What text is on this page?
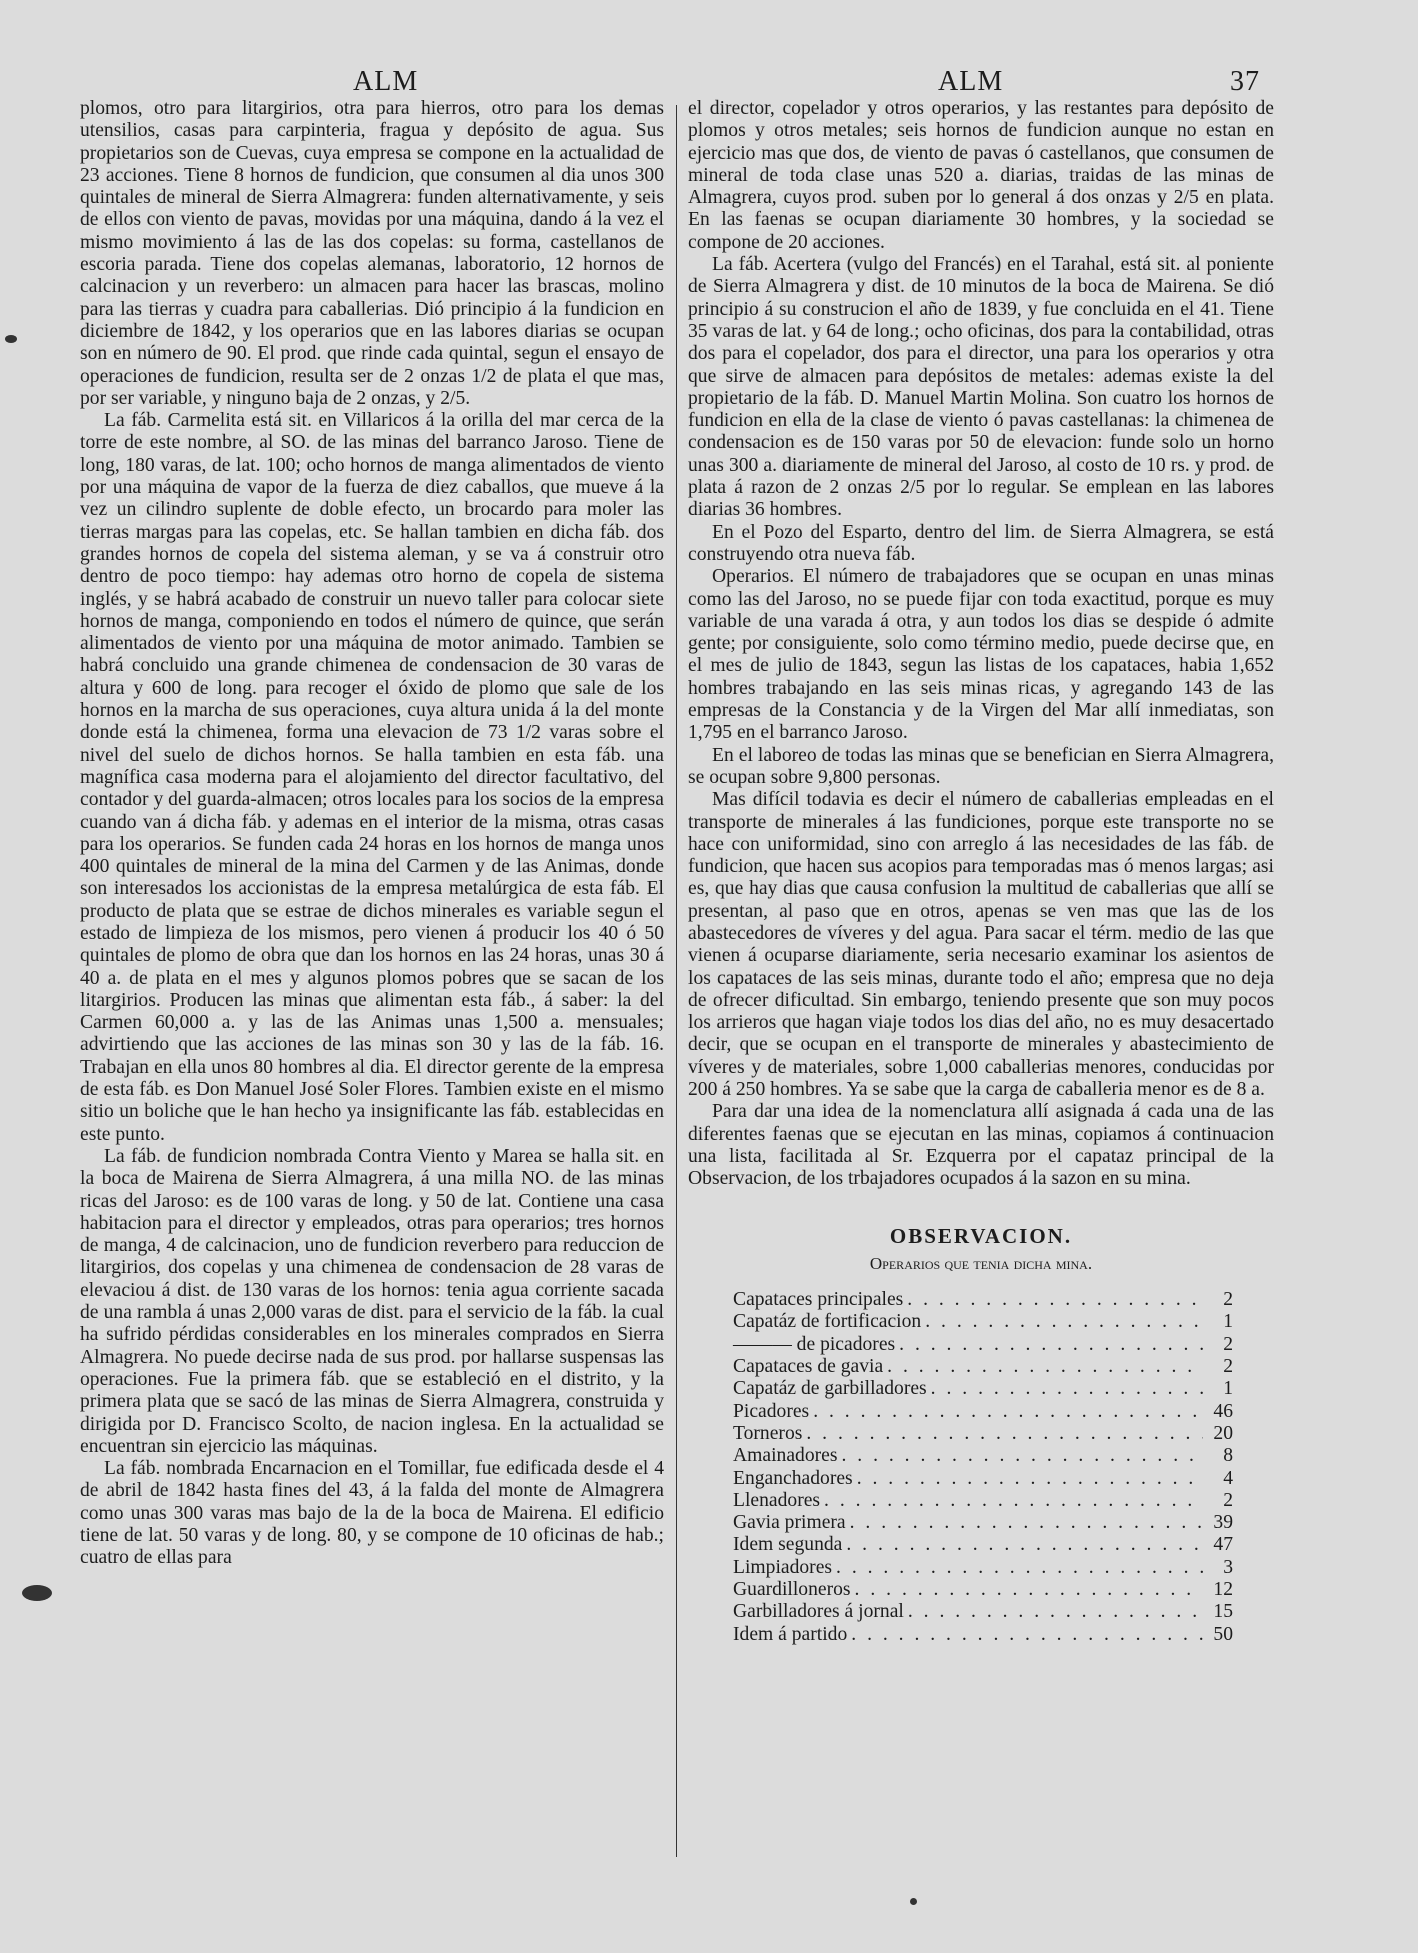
ALM	ALM	37

plomos, otro para litargirios, otra para hierros, otro para los demas utensilios, casas para carpinteria, fragua y depósito de agua. Sus propietarios son de Cuevas, cuya empresa se compone en la actualidad de 23 acciones. Tiene 8 hornos de fundicion, que consumen al dia unos 300 quintales de mineral de Sierra Almagrera: funden alternativamente, y seis de ellos con viento de pavas, movidas por una máquina, dando á la vez el mismo movimiento á las de las dos copelas: su forma, castellanos de escoria parada. Tiene dos copelas alemanas, laboratorio, 12 hornos de calcinacion y un reverbero: un almacen para hacer las brascas, molino para las tierras y cuadra para caballerias. Dió principio á la fundicion en diciembre de 1842, y los operarios que en las labores diarias se ocupan son en número de 90. El prod. que rinde cada quintal, segun el ensayo de operaciones de fundicion, resulta ser de 2 onzas 1/2 de plata el que mas, por ser variable, y ninguno baja de 2 onzas, y 2/5.

La fáb. Carmelita está sit. en Villaricos á la orilla del mar cerca de la torre de este nombre, al SO. de las minas del barranco Jaroso. Tiene de long, 180 varas, de lat. 100; ocho hornos de manga alimentados de viento por una máquina de vapor de la fuerza de diez caballos, que mueve á la vez un cilindro suplente de doble efecto, un brocardo para moler las tierras margas para las copelas, etc. Se hallan tambien en dicha fáb. dos grandes hornos de copela del sistema aleman, y se va á construir otro dentro de poco tiempo: hay ademas otro horno de copela de sistema inglés, y se habrá acabado de construir un nuevo taller para colocar siete hornos de manga, componiendo en todos el número de quince, que serán alimentados de viento por una máquina de motor animado. Tambien se habrá concluido una grande chimenea de condensacion de 30 varas de altura y 600 de long. para recoger el óxido de plomo que sale de los hornos en la marcha de sus operaciones, cuya altura unida á la del monte donde está la chimenea, forma una elevacion de 73 1/2 varas sobre el nivel del suelo de dichos hornos. Se halla tambien en esta fáb. una magnífica casa moderna para el alojamiento del director facultativo, del contador y del guarda-almacen; otros locales para los socios de la empresa cuando van á dicha fáb. y ademas en el interior de la misma, otras casas para los operarios. Se funden cada 24 horas en los hornos de manga unos 400 quintales de mineral de la mina del Carmen y de las Animas, donde son interesados los accionistas de la empresa metalúrgica de esta fáb. El producto de plata que se estrae de dichos minerales es variable segun el estado de limpieza de los mismos, pero vienen á producir los 40 ó 50 quintales de plomo de obra que dan los hornos en las 24 horas, unas 30 á 40 a. de plata en el mes y algunos plomos pobres que se sacan de los litargirios. Producen las minas que alimentan esta fáb., á saber: la del Carmen 60,000 a. y las de las Animas unas 1,500 a. mensuales; advirtiendo que las acciones de las minas son 30 y las de la fáb. 16. Trabajan en ella unos 80 hombres al dia. El director gerente de la empresa de esta fáb. es Don Manuel José Soler Flores. Tambien existe en el mismo sitio un boliche que le han hecho ya insignificante las fáb. establecidas en este punto.

La fáb. de fundicion nombrada Contra Viento y Marea se halla sit. en la boca de Mairena de Sierra Almagrera, á una milla NO. de las minas ricas del Jaroso: es de 100 varas de long. y 50 de lat. Contiene una casa habitacion para el director y empleados, otras para operarios; tres hornos de manga, 4 de calcinacion, uno de fundicion reverbero para reduccion de litargirios, dos copelas y una chimenea de condensacion de 28 varas de elevaciou á dist. de 130 varas de los hornos: tenia agua corriente sacada de una rambla á unas 2,000 varas de dist. para el servicio de la fáb. la cual ha sufrido pérdidas considerables en los minerales comprados en Sierra Almagrera. No puede decirse nada de sus prod. por hallarse suspensas las operaciones. Fue la primera fáb. que se estableció en el distrito, y la primera plata que se sacó de las minas de Sierra Almagrera, construida y dirigida por D. Francisco Scolto, de nacion inglesa. En la actualidad se encuentran sin ejercicio las máquinas.

La fáb. nombrada Encarnacion en el Tomillar, fue edificada desde el 4 de abril de 1842 hasta fines del 43, á la falda del monte de Almagrera como unas 300 varas mas bajo de la de la boca de Mairena. El edificio tiene de lat. 50 varas y de long. 80, y se compone de 10 oficinas de hab.; cuatro de ellas para

el director, copelador y otros operarios, y las restantes para depósito de plomos y otros metales; seis hornos de fundicion aunque no estan en ejercicio mas que dos, de viento de pavas ó castellanos, que consumen de mineral de toda clase unas 520 a. diarias, traidas de las minas de Almagrera, cuyos prod. suben por lo general á dos onzas y 2/5 en plata. En las faenas se ocupan diariamente 30 hombres, y la sociedad se compone de 20 acciones.

La fáb. Acertera (vulgo del Francés) en el Tarahal, está sit. al poniente de Sierra Almagrera y dist. de 10 minutos de la boca de Mairena. Se dió principio á su construcion el año de 1839, y fue concluida en el 41. Tiene 35 varas de lat. y 64 de long.; ocho oficinas, dos para la contabilidad, otras dos para el copelador, dos para el director, una para los operarios y otra que sirve de almacen para depósitos de metales: ademas existe la del propietario de la fáb. D. Manuel Martin Molina. Son cuatro los hornos de fundicion en ella de la clase de viento ó pavas castellanas: la chimenea de condensacion es de 150 varas por 50 de elevacion: funde solo un horno unas 300 a. diariamente de mineral del Jaroso, al costo de 10 rs. y prod. de plata á razon de 2 onzas 2/5 por lo regular. Se emplean en las labores diarias 36 hombres.

En el Pozo del Esparto, dentro del lim. de Sierra Almagrera, se está construyendo otra nueva fáb.

Operarios. El número de trabajadores que se ocupan en unas minas como las del Jaroso, no se puede fijar con toda exactitud, porque es muy variable de una varada á otra, y aun todos los dias se despide ó admite gente; por consiguiente, solo como término medio, puede decirse que, en el mes de julio de 1843, segun las listas de los capataces, habia 1,652 hombres trabajando en las seis minas ricas, y agregando 143 de las empresas de la Constancia y de la Virgen del Mar allí inmediatas, son 1,795 en el barranco Jaroso.

En el laboreo de todas las minas que se benefician en Sierra Almagrera, se ocupan sobre 9,800 personas.

Mas difícil todavia es decir el número de caballerias empleadas en el transporte de minerales á las fundiciones, porque este transporte no se hace con uniformidad, sino con arreglo á las necesidades de las fáb. de fundicion, que hacen sus acopios para temporadas mas ó menos largas; asi es, que hay dias que causa confusion la multitud de caballerias que allí se presentan, al paso que en otros, apenas se ven mas que las de los abastecedores de víveres y del agua. Para sacar el térm. medio de las que vienen á ocuparse diariamente, seria necesario examinar los asientos de los capataces de las seis minas, durante todo el año; empresa que no deja de ofrecer dificultad. Sin embargo, teniendo presente que son muy pocos los arrieros que hagan viaje todos los dias del año, no es muy desacertado decir, que se ocupan en el transporte de minerales y abastecimiento de víveres y de materiales, sobre 1,000 caballerias menores, conducidas por 200 á 250 hombres. Ya se sabe que la carga de caballeria menor es de 8 a.

Para dar una idea de la nomenclatura allí asignada á cada una de las diferentes faenas que se ejecutan en las minas, copiamos á continuacion una lista, facilitada al Sr. Ezquerra por el capataz principal de la Observacion, de los trbajadores ocupados á la sazon en su mina.

OBSERVACION.
Operarios que tenia dicha mina.
Capataces principales . . .	2
Capatáz de fortificacion . . .	1
——— de picadores . . .	2
Capataces de gavia . . .	2
Capatáz de garbilladores . . .	1
Picadores . . .	46
Torneros . . .	20
Amainadores . . .	8
Enganchadores . . .	4
Llenadores . . .	2
Gavia primera . . .	39
Idem segunda . . .	47
Limpiadores . . .	3
Guardilloneros . . .	12
Garbilladores á jornal . . .	15
Idem á partido . . .	50
